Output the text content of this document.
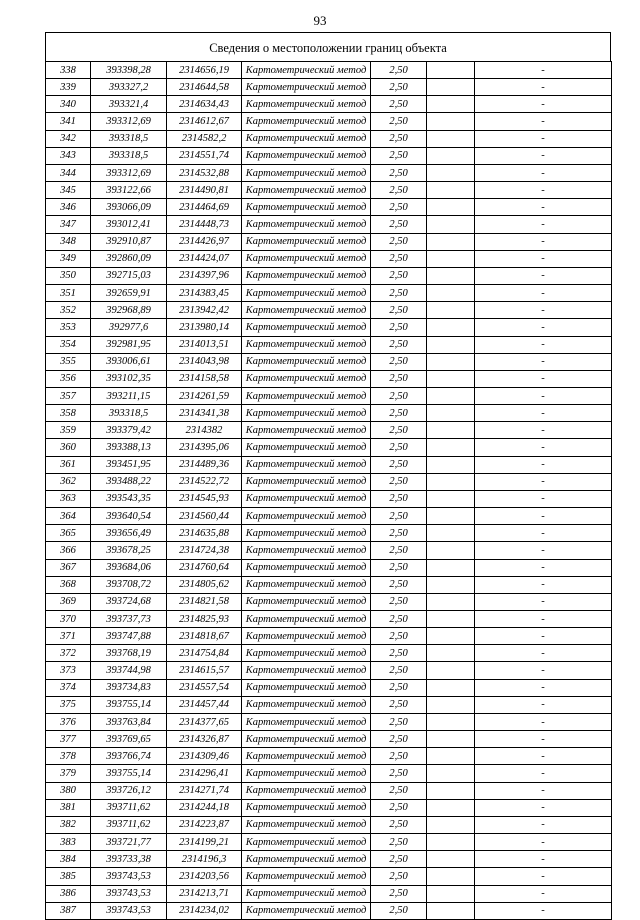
93
Сведения о местоположении границ объекта
338	393398,28	2314656,19	Картометрический метод	2,50		-
339	393327,2	2314644,58	Картометрический метод	2,50		-
340	393321,4	2314634,43	Картометрический метод	2,50		-
341	393312,69	2314612,67	Картометрический метод	2,50		-
342	393318,5	2314582,2	Картометрический метод	2,50		-
343	393318,5	2314551,74	Картометрический метод	2,50		-
344	393312,69	2314532,88	Картометрический метод	2,50		-
345	393122,66	2314490,81	Картометрический метод	2,50		-
346	393066,09	2314464,69	Картометрический метод	2,50		-
347	393012,41	2314448,73	Картометрический метод	2,50		-
348	392910,87	2314426,97	Картометрический метод	2,50		-
349	392860,09	2314424,07	Картометрический метод	2,50		-
350	392715,03	2314397,96	Картометрический метод	2,50		-
351	392659,91	2314383,45	Картометрический метод	2,50		-
352	392968,89	2313942,42	Картометрический метод	2,50		-
353	392977,6	2313980,14	Картометрический метод	2,50		-
354	392981,95	2314013,51	Картометрический метод	2,50		-
355	393006,61	2314043,98	Картометрический метод	2,50		-
356	393102,35	2314158,58	Картометрический метод	2,50		-
357	393211,15	2314261,59	Картометрический метод	2,50		-
358	393318,5	2314341,38	Картометрический метод	2,50		-
359	393379,42	2314382	Картометрический метод	2,50		-
360	393388,13	2314395,06	Картометрический метод	2,50		-
361	393451,95	2314489,36	Картометрический метод	2,50		-
362	393488,22	2314522,72	Картометрический метод	2,50		-
363	393543,35	2314545,93	Картометрический метод	2,50		-
364	393640,54	2314560,44	Картометрический метод	2,50		-
365	393656,49	2314635,88	Картометрический метод	2,50		-
366	393678,25	2314724,38	Картометрический метод	2,50		-
367	393684,06	2314760,64	Картометрический метод	2,50		-
368	393708,72	2314805,62	Картометрический метод	2,50		-
369	393724,68	2314821,58	Картометрический метод	2,50		-
370	393737,73	2314825,93	Картометрический метод	2,50		-
371	393747,88	2314818,67	Картометрический метод	2,50		-
372	393768,19	2314754,84	Картометрический метод	2,50		-
373	393744,98	2314615,57	Картометрический метод	2,50		-
374	393734,83	2314557,54	Картометрический метод	2,50		-
375	393755,14	2314457,44	Картометрический метод	2,50		-
376	393763,84	2314377,65	Картометрический метод	2,50		-
377	393769,65	2314326,87	Картометрический метод	2,50		-
378	393766,74	2314309,46	Картометрический метод	2,50		-
379	393755,14	2314296,41	Картометрический метод	2,50		-
380	393726,12	2314271,74	Картометрический метод	2,50		-
381	393711,62	2314244,18	Картометрический метод	2,50		-
382	393711,62	2314223,87	Картометрический метод	2,50		-
383	393721,77	2314199,21	Картометрический метод	2,50		-
384	393733,38	2314196,3	Картометрический метод	2,50		-
385	393743,53	2314203,56	Картометрический метод	2,50		-
386	393743,53	2314213,71	Картометрический метод	2,50		-
387	393743,53	2314234,02	Картометрический метод	2,50		-
